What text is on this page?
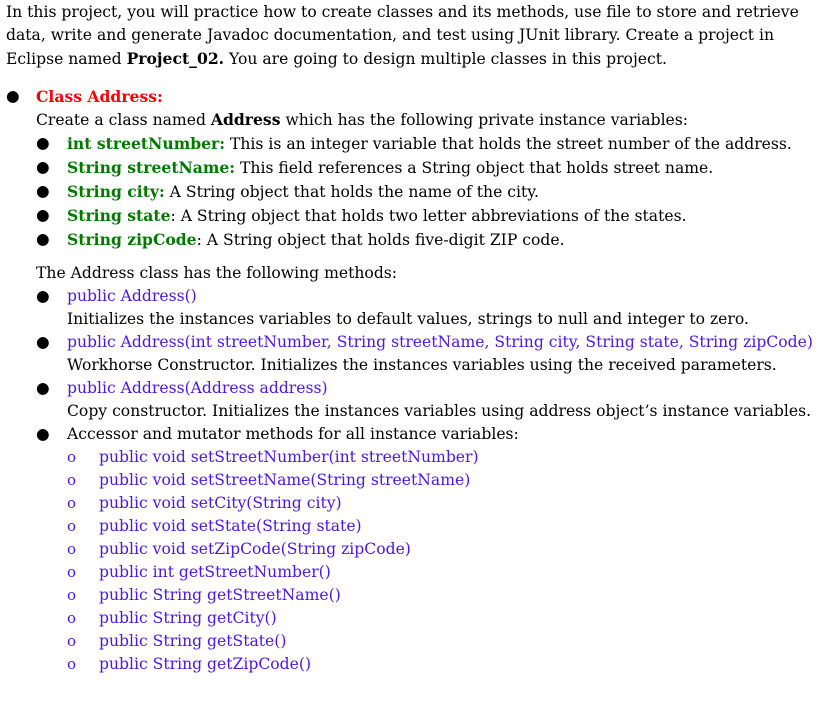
In this project, you will practice how to create classes and its methods, use file to store and retrieve data, write and generate Javadoc documentation, and test using JUnit library. Create a project in Eclipse named Project_02. You are going to design multiple classes in this project.

● Class Address:
Create a class named Address which has the following private instance variables:
● int streetNumber: This is an integer variable that holds the street number of the address.
● String streetName: This field references a String object that holds street name.
● String city: A String object that holds the name of the city.
● String state: A String object that holds two letter abbreviations of the states.
● String zipCode: A String object that holds five-digit ZIP code.
The Address class has the following methods:
● public Address()
Initializes the instances variables to default values, strings to null and integer to zero.
● public Address(int streetNumber, String streetName, String city, String state, String zipCode)
Workhorse Constructor. Initializes the instances variables using the received parameters.
● public Address(Address address)
Copy constructor. Initializes the instances variables using address object’s instance variables.
● Accessor and mutator methods for all instance variables:
o public void setStreetNumber(int streetNumber)
o public void setStreetName(String streetName)
o public void setCity(String city)
o public void setState(String state)
o public void setZipCode(String zipCode)
o public int getStreetNumber()
o public String getStreetName()
o public String getCity()
o public String getState()
o public String getZipCode()
